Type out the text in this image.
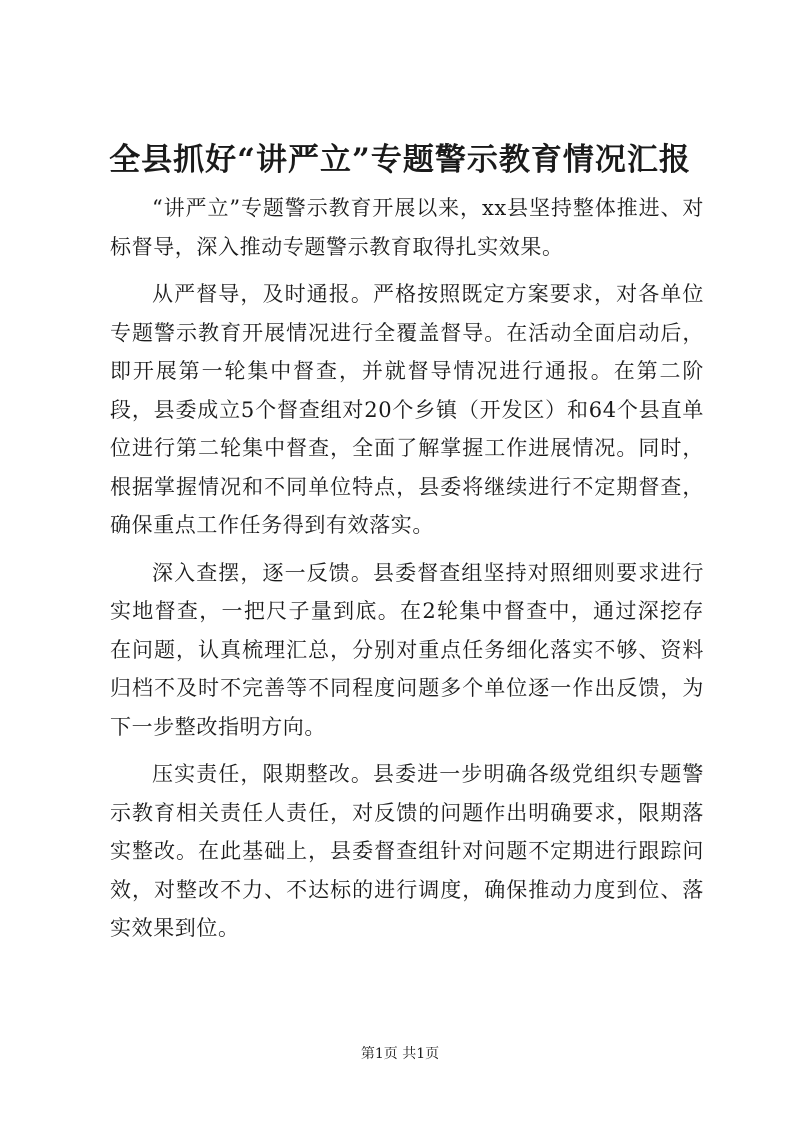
全县抓好“讲严立”专题警示教育情况汇报

“讲严立”专题警示教育开展以来，xx县坚持整体推进、对标督导，深入推动专题警示教育取得扎实效果。

从严督导，及时通报。严格按照既定方案要求，对各单位专题警示教育开展情况进行全覆盖督导。在活动全面启动后，即开展第一轮集中督查，并就督导情况进行通报。在第二阶段，县委成立5个督查组对20个乡镇（开发区）和64个县直单位进行第二轮集中督查，全面了解掌握工作进展情况。同时，根据掌握情况和不同单位特点，县委将继续进行不定期督查，确保重点工作任务得到有效落实。

深入查摆，逐一反馈。县委督查组坚持对照细则要求进行实地督查，一把尺子量到底。在2轮集中督查中，通过深挖存在问题，认真梳理汇总，分别对重点任务细化落实不够、资料归档不及时不完善等不同程度问题多个单位逐一作出反馈，为下一步整改指明方向。

压实责任，限期整改。县委进一步明确各级党组织专题警示教育相关责任人责任，对反馈的问题作出明确要求，限期落实整改。在此基础上，县委督查组针对问题不定期进行跟踪问效，对整改不力、不达标的进行调度，确保推动力度到位、落实效果到位。

第1页 共1页
